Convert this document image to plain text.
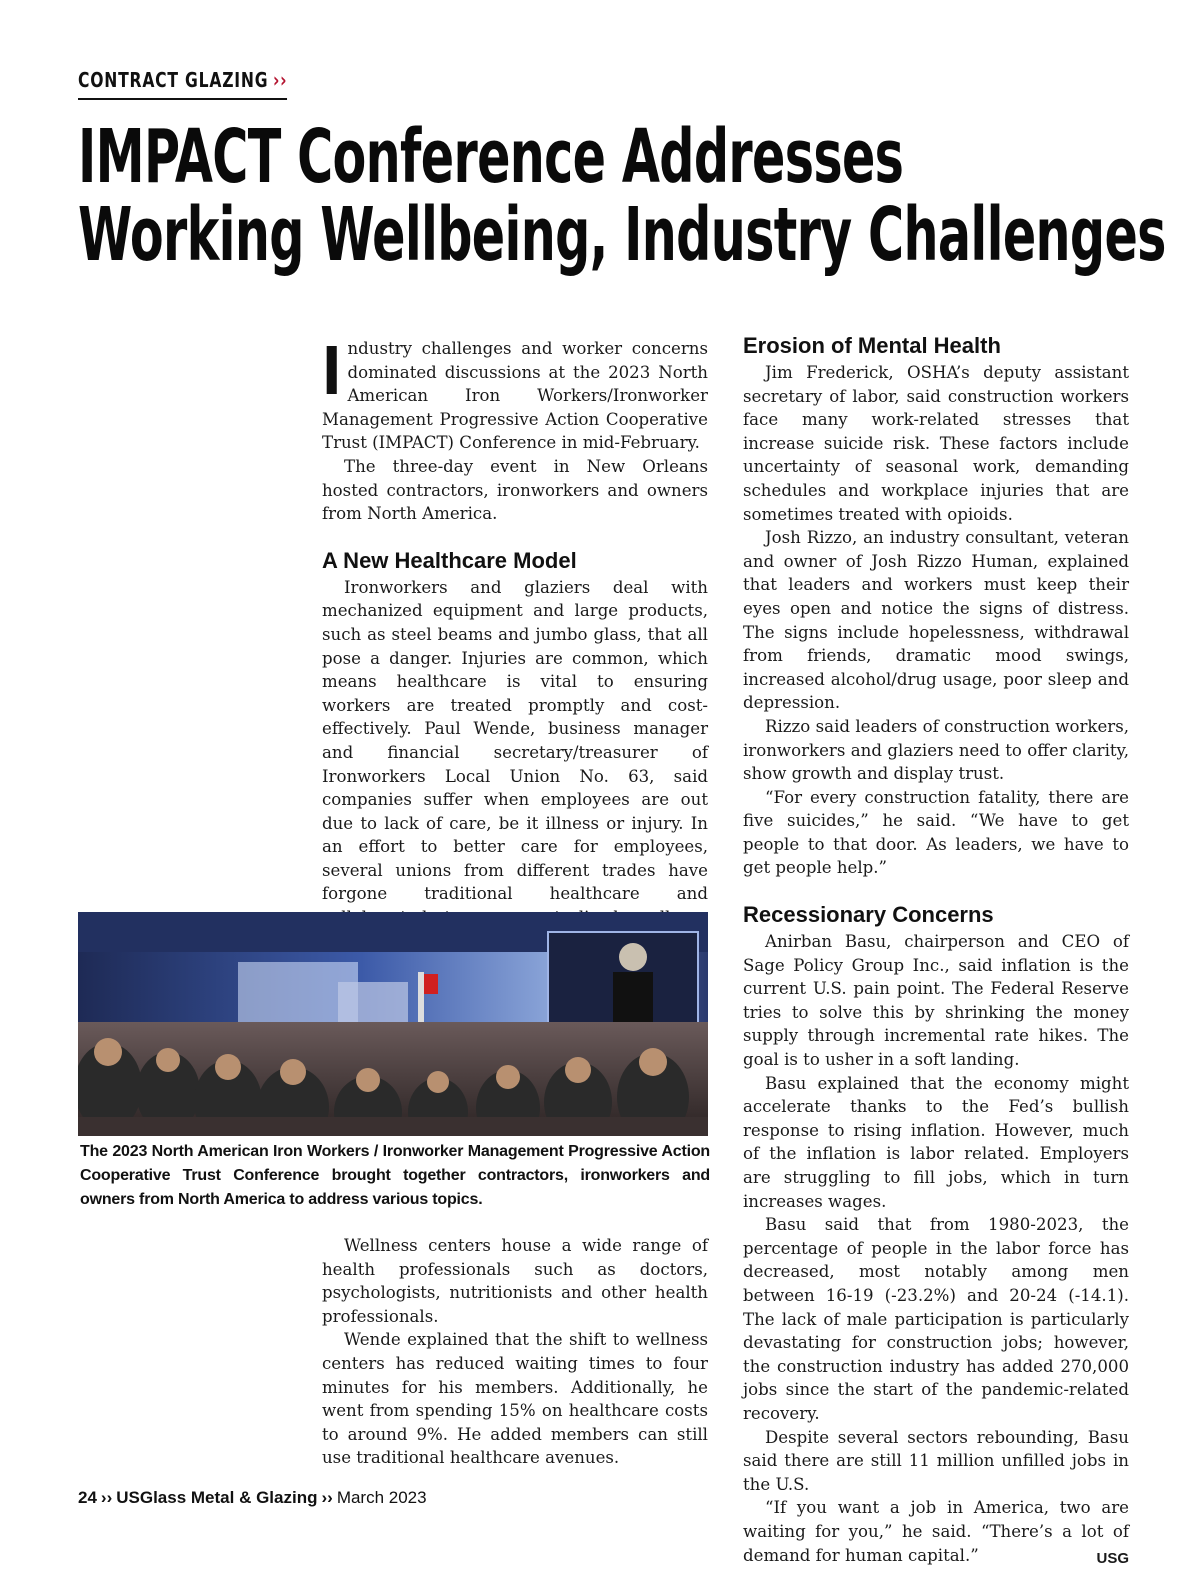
CONTRACT GLAZING ››
IMPACT Conference Addresses
Working Wellbeing, Industry Challenges

Industry challenges and worker concerns dominated discussions at the 2023 North American Iron Workers/Ironworker Management Progressive Action Cooperative Trust (IMPACT) Conference in mid-February.

The three-day event in New Orleans hosted contractors, ironworkers and owners from North America.

A New Healthcare Model

Ironworkers and glaziers deal with mechanized equipment and large products, such as steel beams and jumbo glass, that all pose a danger. Injuries are common, which means healthcare is vital to ensuring workers are treated promptly and cost-effectively. Paul Wende, business manager and financial secretary/treasurer of Ironworkers Local Union No. 63, said companies suffer when employees are out due to lack of care, be it illness or injury. In an effort to better care for employees, several unions from different trades have forgone traditional healthcare and

The 2023 North American Iron Workers / Ironworker Management Progressive Action Cooperative Trust Conference brought together contractors, ironworkers and owners from North America to address various topics.

Wellness centers house a wide range of health professionals such as doctors, psychologists, nutritionists and other health professionals.

Wende explained that the shift to wellness centers has reduced waiting times to four minutes for his members. Additionally, he went from spending 15% on healthcare costs to around 9%. He added members can still use traditional healthcare avenues.

Erosion of Mental Health

Jim Frederick, OSHA’s deputy assistant secretary of labor, said construction workers face many work-related stresses that increase suicide risk. These factors include uncertainty of seasonal work, demanding schedules and workplace injuries that are sometimes treated with opioids.

Josh Rizzo, an industry consultant, veteran and owner of Josh Rizzo Human, explained that leaders and workers must keep their eyes open and notice the signs of distress. The signs include hopelessness, withdrawal from friends, dramatic mood swings, increased alcohol/drug usage, poor sleep and depression.

Rizzo said leaders of construction workers, ironworkers and glaziers need to offer clarity, show growth and display trust.

“For every construction fatality, there are five suicides,” he said. “We have to get people to that door. As leaders, we have to get people help.”

Recessionary Concerns

Anirban Basu, chairperson and CEO of Sage Policy Group Inc., said inflation is the current U.S. pain point. The Federal Reserve tries to solve this by shrinking the money supply through incremental rate hikes. The goal is to usher in a soft landing.

Basu explained that the economy might accelerate thanks to the Fed’s bullish response to rising inflation. However, much of the inflation is labor related. Employers are struggling to fill jobs, which in turn increases wages.

Basu said that from 1980-2023, the percentage of people in the labor force has decreased, most notably among men between 16-19 (-23.2%) and 20-24 (-14.1). The lack of male participation is particularly devastating for construction jobs; however, the construction industry has added 270,000 jobs since the start of the pandemic-related recovery.

Despite several sectors rebounding, Basu said there are still 11 million unfilled jobs in the U.S.

“If you want a job in America, two are waiting for you,” he said. “There’s a lot of demand for human capital.”	USG

24 ›› USGlass Metal & Glazing ›› March 2023
